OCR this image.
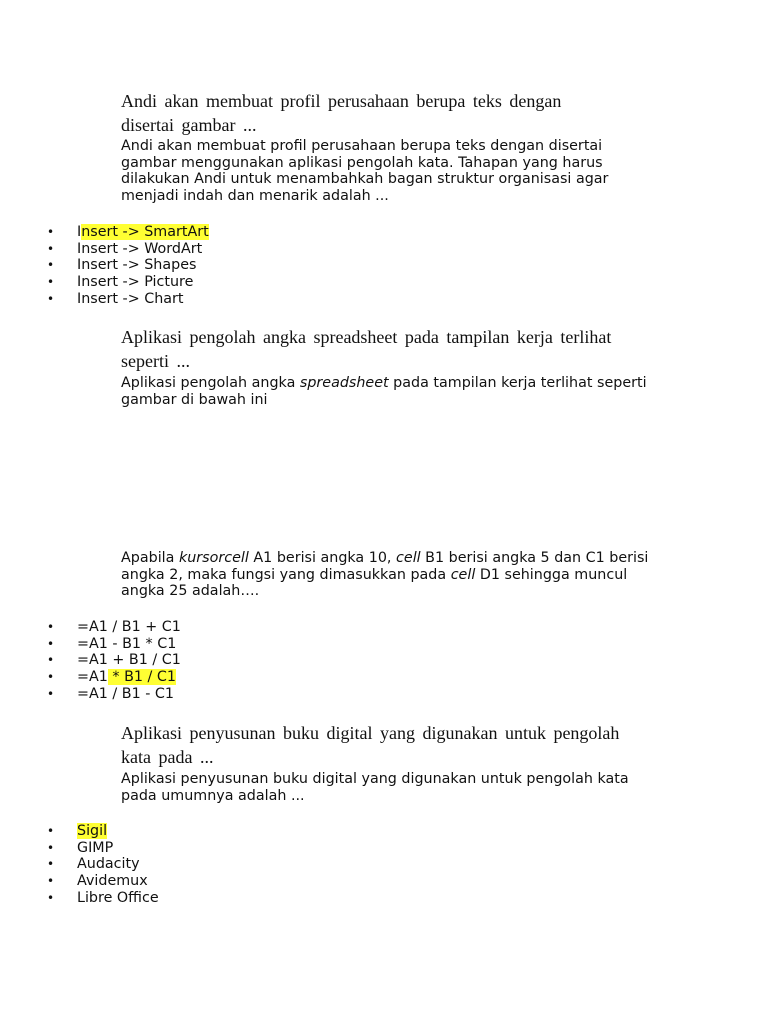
Andi akan membuat profil perusahaan berupa teks dengan disertai gambar ...

Andi akan membuat profil perusahaan berupa teks dengan disertai gambar menggunakan aplikasi pengolah kata. Tahapan yang harus dilakukan Andi untuk menambahkah bagan struktur organisasi agar menjadi indah dan menarik adalah ...

• Insert -> SmartArt
• Insert -> WordArt
• Insert -> Shapes
• Insert -> Picture
• Insert -> Chart

Aplikasi pengolah angka spreadsheet pada tampilan kerja terlihat seperti ...

Aplikasi pengolah angka spreadsheet pada tampilan kerja terlihat seperti gambar di bawah ini

Apabila kursorcell A1 berisi angka 10, cell B1 berisi angka 5 dan C1 berisi angka 2, maka fungsi yang dimasukkan pada cell D1 sehingga muncul angka 25 adalah….

• =A1 / B1 + C1
• =A1 - B1 * C1
• =A1 + B1 / C1
• =A1 * B1 / C1
• =A1 / B1 - C1

Aplikasi penyusunan buku digital yang digunakan untuk pengolah kata pada ...

Aplikasi penyusunan buku digital yang digunakan untuk pengolah kata pada umumnya adalah ...

• Sigil
• GIMP
• Audacity
• Avidemux
• Libre Office
